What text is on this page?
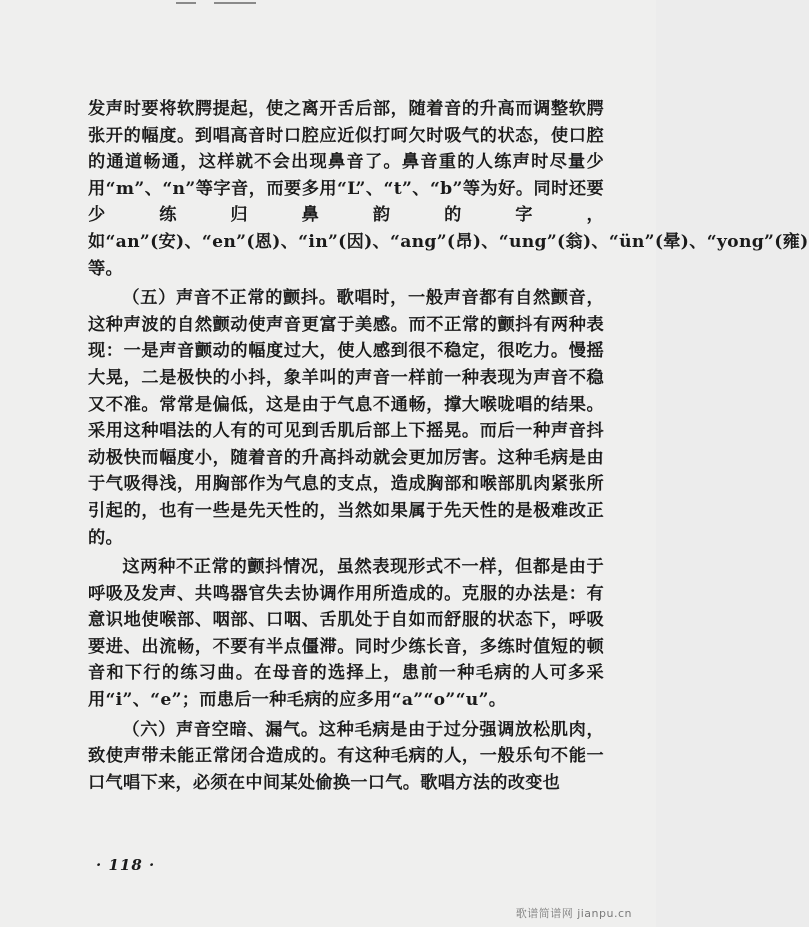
发声时要将软腭提起，使之离开舌后部，随着音的升高而调整软腭张开的幅度。到唱高音时口腔应近似打呵欠时吸气的状态，使口腔的通道畅通，这样就不会出现鼻音了。鼻音重的人练声时尽量少用“m”、“n”等字音，而要多用“L”、“t”、“b”等为好。同时还要少练归鼻韵的字，如“an”(安)、“en”(恩)、“in”(因)、“ang”(昂)、“ung”(翁)、“ün”(晕)、“yong”(雍)等。

（五）声音不正常的颤抖。歌唱时，一般声音都有自然颤音，这种声波的自然颤动使声音更富于美感。而不正常的颤抖有两种表现：一是声音颤动的幅度过大，使人感到很不稳定，很吃力。慢摇大晃，二是极快的小抖，象羊叫的声音一样前一种表现为声音不稳又不准。常常是偏低，这是由于气息不通畅，撑大喉咙唱的结果。采用这种唱法的人有的可见到舌肌后部上下摇晃。而后一种声音抖动极快而幅度小，随着音的升高抖动就会更加厉害。这种毛病是由于气吸得浅，用胸部作为气息的支点，造成胸部和喉部肌肉紧张所引起的，也有一些是先天性的，当然如果属于先天性的是极难改正的。

这两种不正常的颤抖情况，虽然表现形式不一样，但都是由于呼吸及发声、共鸣器官失去协调作用所造成的。克服的办法是：有意识地使喉部、咽部、口咽、舌肌处于自如而舒服的状态下，呼吸要进、出流畅，不要有半点僵滞。同时少练长音，多练时值短的顿音和下行的练习曲。在母音的选择上，患前一种毛病的人可多采用“i”、“e”；而患后一种毛病的应多用“a”“o”“u”。

（六）声音空暗、漏气。这种毛病是由于过分强调放松肌肉，致使声带未能正常闭合造成的。有这种毛病的人，一般乐句不能一口气唱下来，必须在中间某处偷换一口气。歌唱方法的改变也

· 118 ·
歌谱简谱网 jianpu.cn
